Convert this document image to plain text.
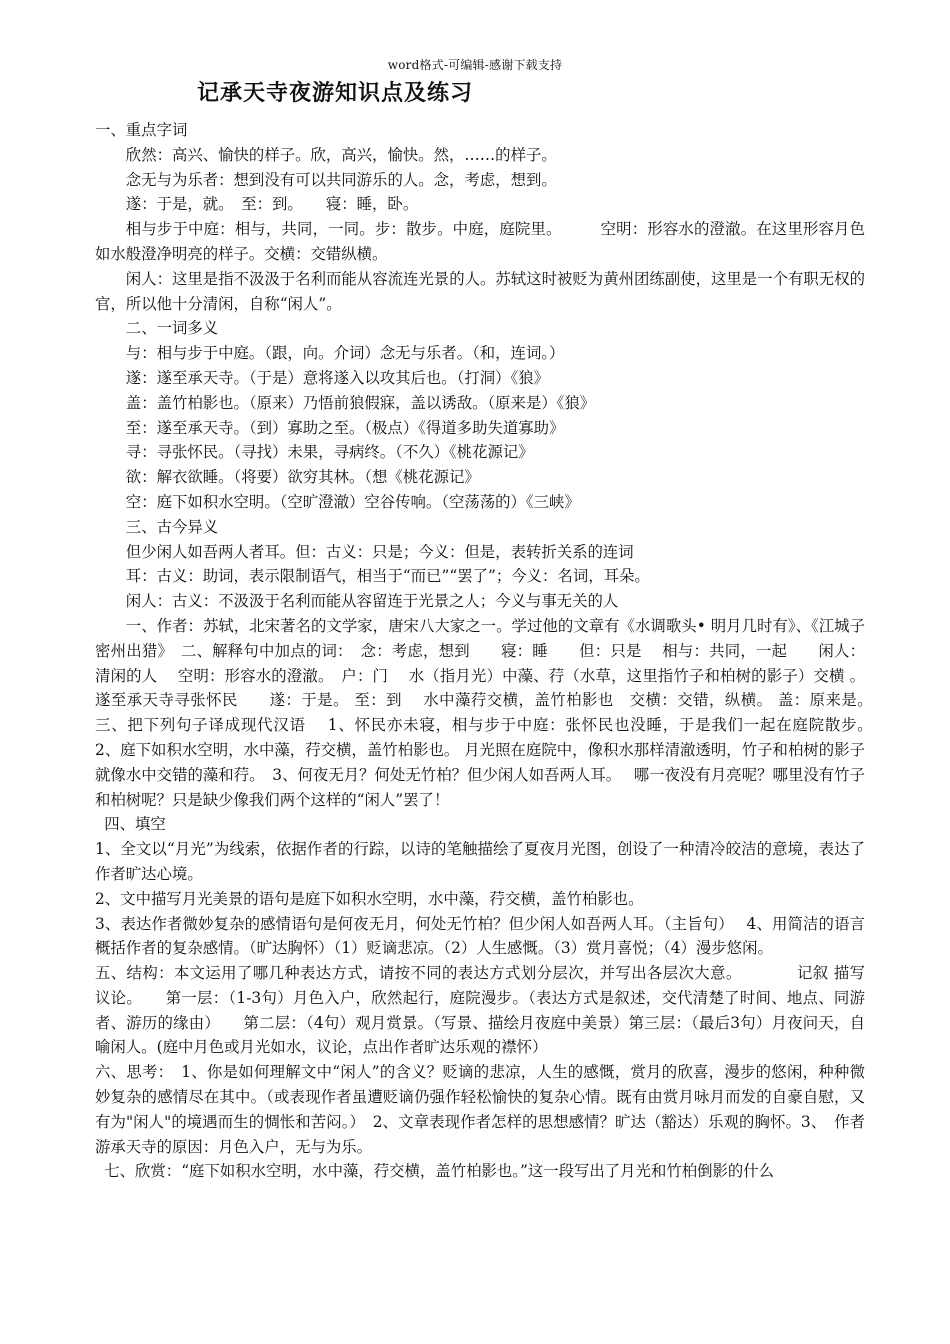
word格式-可编辑-感谢下载支持
记承天寺夜游知识点及练习

一、重点字词

欣然：高兴、愉快的样子。欣，高兴，愉快。然，……的样子。

念无与为乐者：想到没有可以共同游乐的人。念，考虑，想到。

遂：于是，就。　至：到。　　寝：睡，卧。

相与步于中庭：相与，共同，一同。步：散步。中庭，庭院里。　　　空明：形容水的澄澈。在这里形容月色如水般澄净明亮的样子。交横：交错纵横。

闲人：这里是指不汲汲于名利而能从容流连光景的人。苏轼这时被贬为黄州团练副使，这里是一个有职无权的官，所以他十分清闲，自称“闲人”。

二、一词多义

与：相与步于中庭。（跟，向。介词）念无与乐者。（和，连词。）

遂：遂至承天寺。（于是）意将遂入以攻其后也。（打洞）《狼》

盖：盖竹柏影也。（原来）乃悟前狼假寐，盖以诱敌。（原来是）《狼》

至：遂至承天寺。（到）寡助之至。（极点）《得道多助失道寡助》

寻：寻张怀民。（寻找）未果，寻病终。（不久）《桃花源记》

欲：解衣欲睡。（将要）欲穷其林。（想《桃花源记》

空：庭下如积水空明。（空旷澄澈）空谷传响。（空荡荡的）《三峡》

三、古今异义

但少闲人如吾两人者耳。但：古义：只是；今义：但是，表转折关系的连词

耳：古义：助词，表示限制语气，相当于“而已”“罢了”；今义：名词，耳朵。

闲人：古义：不汲汲于名利而能从容留连于光景之人；今义与事无关的人

一、作者：苏轼，北宋著名的文学家，唐宋八大家之一。学过他的文章有《水调歌头• 明月几时有》、《江城子 密州出猎》　二、解释句中加点的词：　念：考虑，想到　　寝：睡　　但：只是　 相与：共同，一起　　闲人：清闲的人　 空明：形容水的澄澈。　户：门　 水（指月光）中藻、荇（水草，这里指竹子和柏树的影子）交横 。遂至承天寺寻张怀民　　遂：于是。 至：到　 水中藻荇交横，盖竹柏影也　交横：交错，纵横。 盖：原来是。　三、把下列句子译成现代汉语　 1、怀民亦未寝，相与步于中庭：张怀民也没睡，于是我们一起在庭院散步。　 2、庭下如积水空明，水中藻，荇交横，盖竹柏影也。 月光照在庭院中，像积水那样清澈透明，竹子和柏树的影子就像水中交错的藻和荇。　3、何夜无月？何处无竹柏？但少闲人如吾两人耳。　 哪一夜没有月亮呢？哪里没有竹子和柏树呢？只是缺少像我们两个这样的“闲人”罢了！

四、填空

1、全文以“月光”为线索，依据作者的行踪，以诗的笔触描绘了夏夜月光图，创设了一种清冷皎洁的意境，表达了作者旷达心境。

2、文中描写月光美景的语句是庭下如积水空明，水中藻，荇交横，盖竹柏影也。

3、表达作者微妙复杂的感情语句是何夜无月，何处无竹柏？但少闲人如吾两人耳。（主旨句）　 4、用简洁的语言概括作者的复杂感情。（旷达胸怀）（1）贬谪悲凉。（2）人生感慨。（3）赏月喜悦；（4）漫步悠闲。

五、结构：本文运用了哪几种表达方式，请按不同的表达方式划分层次，并写出各层次大意。　　　　记叙 描写 议论。　　第一层：（1-3句）月色入户，欣然起行，庭院漫步。（表达方式是叙述，交代清楚了时间、地点、同游者、游历的缘由）　　第二层：（4句）观月赏景。（写景、描绘月夜庭中美景）第三层：（最后3句）月夜问天，自喻闲人。(庭中月色或月光如水，议论，点出作者旷达乐观的襟怀）

六、思考：　1、你是如何理解文中“闲人”的含义？贬谪的悲凉，人生的感慨，赏月的欣喜，漫步的悠闲，种种微妙复杂的感情尽在其中。（或表现作者虽遭贬谪仍强作轻松愉快的复杂心情。既有由赏月咏月而发的自豪自慰，又有为"闲人"的境遇而生的惆怅和苦闷。）　2、文章表现作者怎样的思想感情？旷达（豁达）乐观的胸怀。3、　作者游承天寺的原因：月色入户，无与为乐。

七、欣赏：“庭下如积水空明，水中藻，荇交横，盖竹柏影也。”这一段写出了月光和竹柏倒影的什么
